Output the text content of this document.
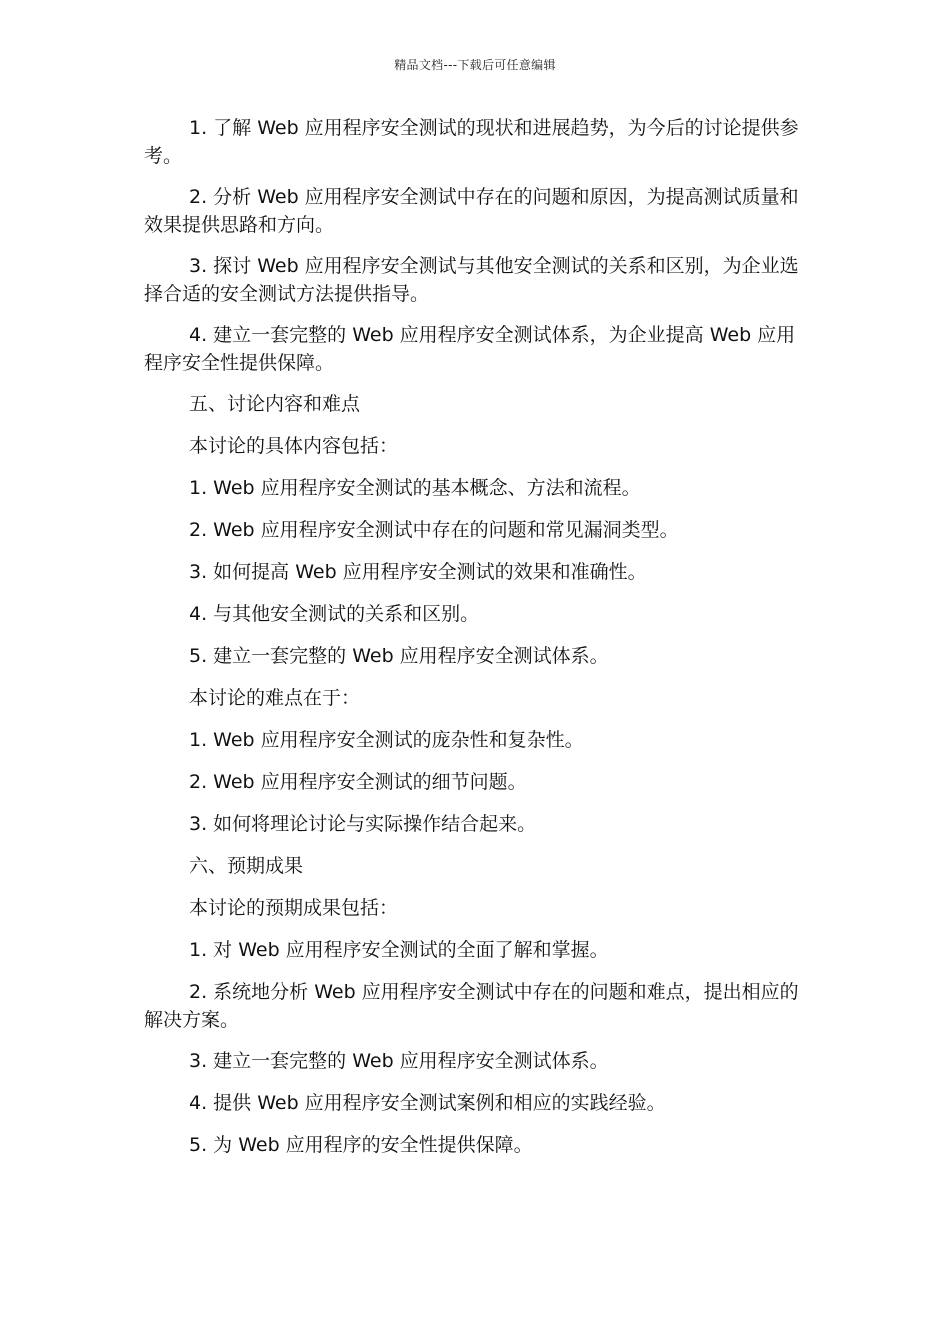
精品文档---下载后可任意编辑

1. 了解 Web 应用程序安全测试的现状和进展趋势，为今后的讨论提供参考。

2. 分析 Web 应用程序安全测试中存在的问题和原因，为提高测试质量和效果提供思路和方向。

3. 探讨 Web 应用程序安全测试与其他安全测试的关系和区别，为企业选择合适的安全测试方法提供指导。

4. 建立一套完整的 Web 应用程序安全测试体系，为企业提高 Web 应用程序安全性提供保障。

五、讨论内容和难点

本讨论的具体内容包括：

1. Web 应用程序安全测试的基本概念、方法和流程。

2. Web 应用程序安全测试中存在的问题和常见漏洞类型。

3. 如何提高 Web 应用程序安全测试的效果和准确性。

4. 与其他安全测试的关系和区别。

5. 建立一套完整的 Web 应用程序安全测试体系。

本讨论的难点在于：

1. Web 应用程序安全测试的庞杂性和复杂性。

2. Web 应用程序安全测试的细节问题。

3. 如何将理论讨论与实际操作结合起来。

六、预期成果

本讨论的预期成果包括：

1. 对 Web 应用程序安全测试的全面了解和掌握。

2. 系统地分析 Web 应用程序安全测试中存在的问题和难点，提出相应的解决方案。

3. 建立一套完整的 Web 应用程序安全测试体系。

4. 提供 Web 应用程序安全测试案例和相应的实践经验。

5. 为 Web 应用程序的安全性提供保障。
